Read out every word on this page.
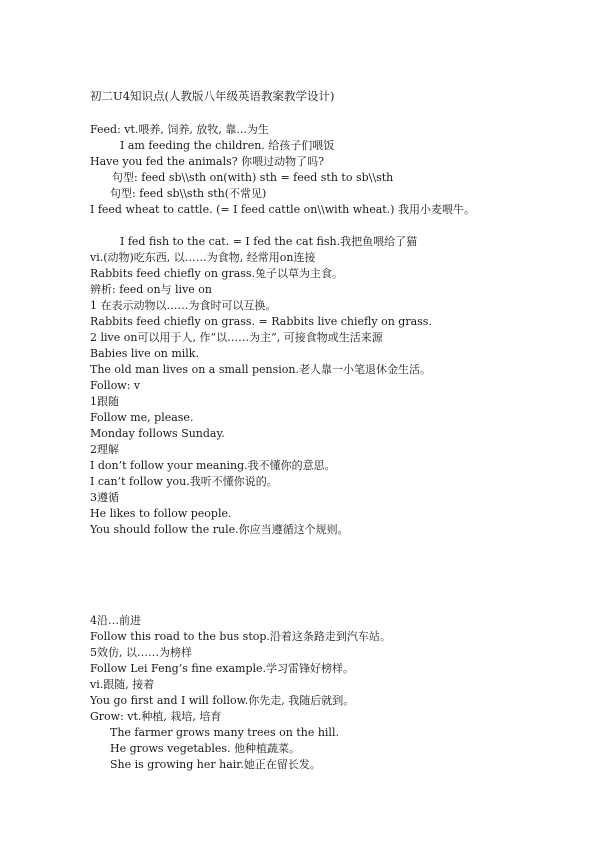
初二U4知识点(人教版八年级英语教案教学设计)
Feed: vt.喂养, 饲养, 放牧, 靠...为生
I am feeding the children. 给孩子们喂饭
Have you fed the animals? 你喂过动物了吗?
句型: feed sb\\sth on(with) sth = feed sth to sb\\sth
句型: feed sb\\sth sth(不常见)
I feed wheat to cattle. (= I feed cattle on\\with wheat.) 我用小麦喂牛。
I fed fish to the cat. = I fed the cat fish.我把鱼喂给了猫
vi.(动物)吃东西, 以……为食物, 经常用on连接
Rabbits feed chiefly on grass.兔子以草为主食。
辨析: feed on与 live on
1 在表示动物以……为食时可以互换。
Rabbits feed chiefly on grass. = Rabbits live chiefly on grass.
2 live on可以用于人, 作“以……为主”, 可接食物或生活来源
Babies live on milk.
The old man lives on a small pension.老人靠一小笔退休金生活。
Follow: v
1跟随
Follow me, please.
Monday follows Sunday.
2理解
I don’t follow your meaning.我不懂你的意思。
I can’t follow you.我听不懂你说的。
3遵循
He likes to follow people.
You should follow the rule.你应当遵循这个规则。
4沿…前进
Follow this road to the bus stop.沿着这条路走到汽车站。
5效仿, 以……为榜样
Follow Lei Feng’s fine example.学习雷锋好榜样。
vi.跟随, 接着
You go first and I will follow.你先走, 我随后就到。
Grow: vt.种植, 栽培, 培育
The farmer grows many trees on the hill.
He grows vegetables. 他种植蔬菜。
She is growing her hair.她正在留长发。
